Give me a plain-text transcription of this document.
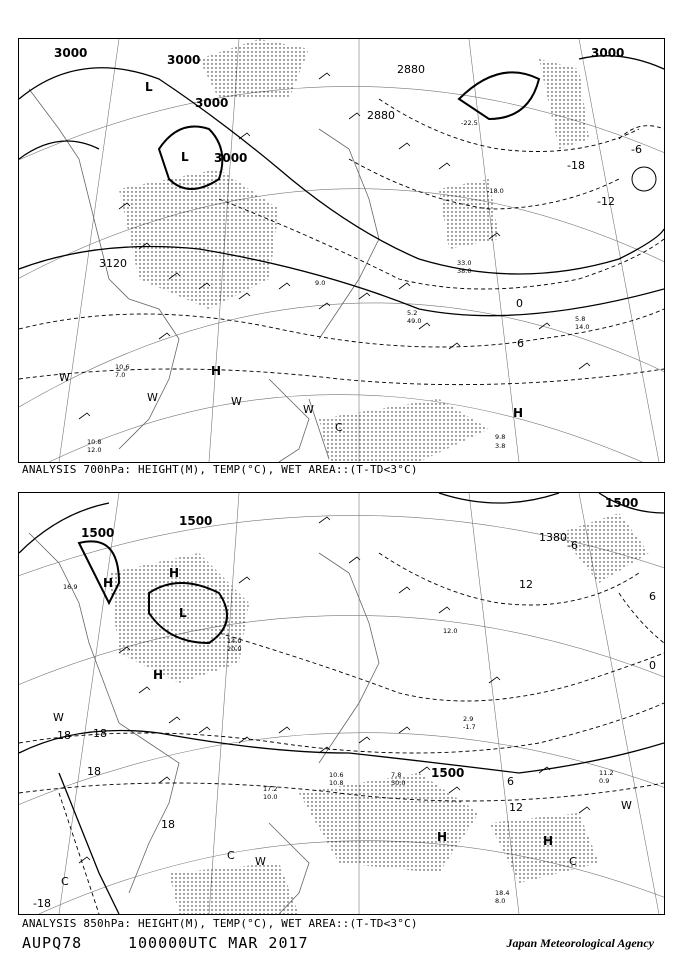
3000	3000
3000
3000
3000
2880
2880
3120
-18
-12
-6
0
6
L
L
H
H
W
W	W
W
C
9.8
3.8
5.8
14.0
5.2
49.0
10.6
7.0
10.8
12.0
-22.5
-18.0
33.0
38.0
9.0
ANALYSIS 700hPa: HEIGHT(M), TEMP(°C), WET AREA::(T-TD<3°C)
1500
1500
1500
1500
1380
18 18
18
18
12
12
6
6
0
-6
-18
H
H
H
H	H
L
W
W
W
C
C
C
18.4
8.0
10.6
10.8
11.2
0.9
17.2
10.0
2.9
-1.7
7.8
30.0
14.0
20.0
16.9
12.0
ANALYSIS 850hPa: HEIGHT(M), TEMP(°C), WET AREA::(T-TD<3°C)
AUPQ78	100000UTC MAR 2017	Japan Meteorological Agency
